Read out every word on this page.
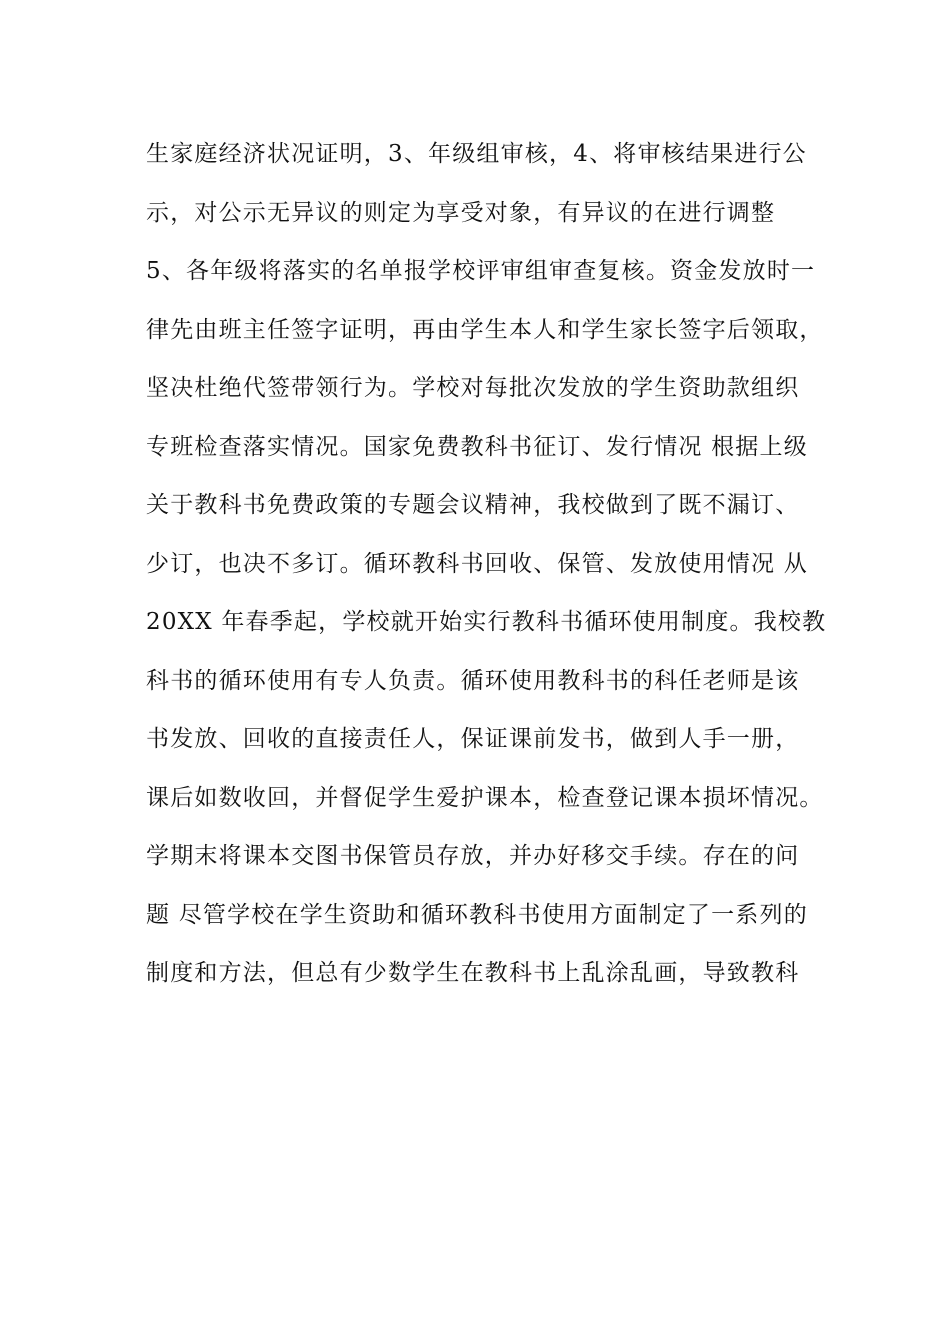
生家庭经济状况证明，3、年级组审核，4、将审核结果进行公
示，对公示无异议的则定为享受对象，有异议的在进行调整
5、各年级将落实的名单报学校评审组审查复核。资金发放时一
律先由班主任签字证明，再由学生本人和学生家长签字后领取，
坚决杜绝代签带领行为。学校对每批次发放的学生资助款组织
专班检查落实情况。国家免费教科书征订、发行情况 根据上级
关于教科书免费政策的专题会议精神，我校做到了既不漏订、
少订，也决不多订。循环教科书回收、保管、发放使用情况 从
20XX 年春季起，学校就开始实行教科书循环使用制度。我校教
科书的循环使用有专人负责。循环使用教科书的科任老师是该
书发放、回收的直接责任人，保证课前发书，做到人手一册，
课后如数收回，并督促学生爱护课本，检查登记课本损坏情况。
学期末将课本交图书保管员存放，并办好移交手续。存在的问
题 尽管学校在学生资助和循环教科书使用方面制定了一系列的
制度和方法，但总有少数学生在教科书上乱涂乱画，导致教科
